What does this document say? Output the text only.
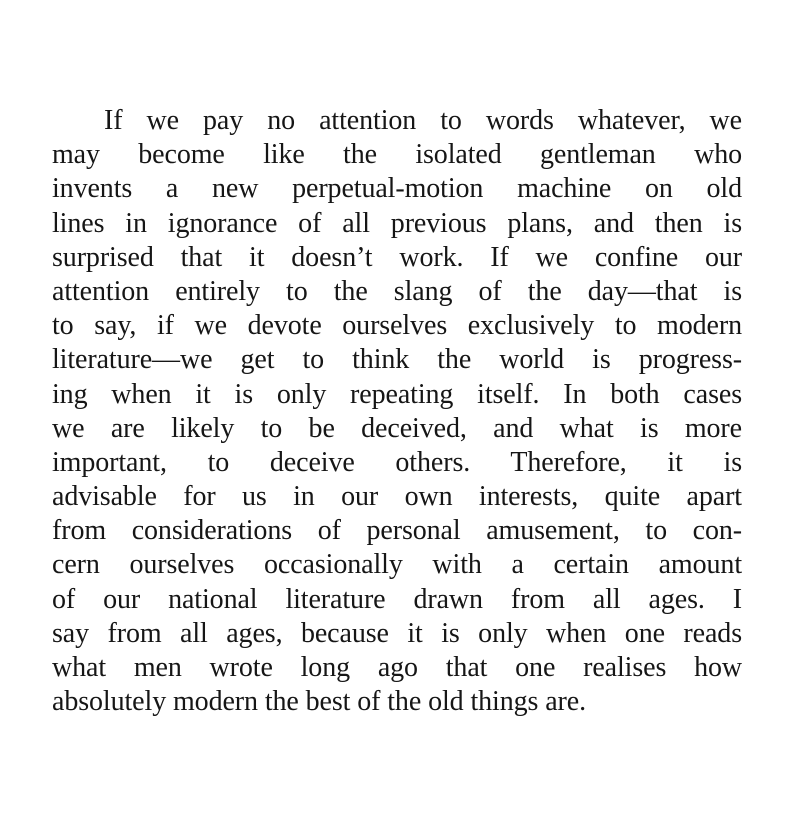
If we pay no attention to words whatever, we
may become like the isolated gentleman who
invents a new perpetual-motion machine on old
lines in ignorance of all previous plans, and then is
surprised that it doesn’t work. If we confine our
attention entirely to the slang of the day—that is
to say, if we devote ourselves exclusively to modern
literature—we get to think the world is progress-
ing when it is only repeating itself. In both cases
we are likely to be deceived, and what is more
important, to deceive others. Therefore, it is
advisable for us in our own interests, quite apart
from considerations of personal amusement, to con-
cern ourselves occasionally with a certain amount
of our national literature drawn from all ages. I
say from all ages, because it is only when one reads
what men wrote long ago that one realises how
absolutely modern the best of the old things are.
